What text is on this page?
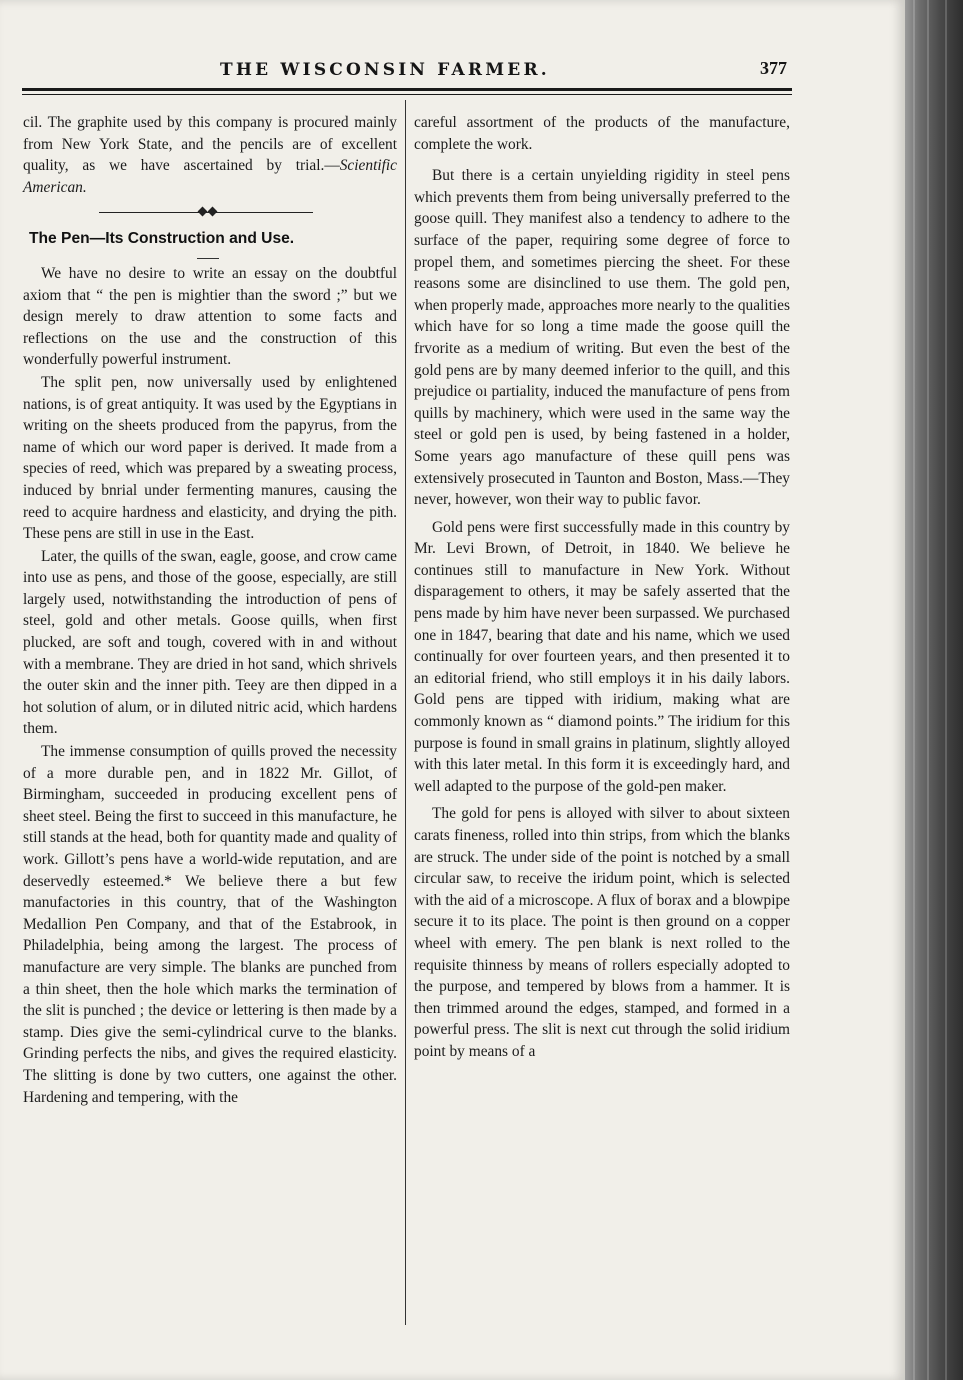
THE WISCONSIN FARMER.	377

cil. The graphite used by this company is procured mainly from New York State, and the pencils are of excellent quality, as we have ascertained by trial.—Scientific American.

The Pen—Its Construction and Use.

We have no desire to write an essay on the doubtful axiom that “ the pen is mightier than the sword ;” but we design merely to draw attention to some facts and reflections on the use and the construction of this wonderfully powerful instrument.

The split pen, now universally used by enlightened nations, is of great antiquity. It was used by the Egyptians in writing on the sheets produced from the papyrus, from the name of which our word paper is derived. It made from a species of reed, which was prepared by a sweating process, induced by bnrial under fermenting manures, causing the reed to acquire hardness and elasticity, and drying the pith. These pens are still in use in the East.

Later, the quills of the swan, eagle, goose, and crow came into use as pens, and those of the goose, especially, are still largely used, notwithstanding the introduction of pens of steel, gold and other metals. Goose quills, when first plucked, are soft and tough, covered with in and without with a membrane. They are dried in hot sand, which shrivels the outer skin and the inner pith. Teey are then dipped in a hot solution of alum, or in diluted nitric acid, which hardens them.

The immense consumption of quills proved the necessity of a more durable pen, and in 1822 Mr. Gillot, of Birmingham, succeeded in producing excellent pens of sheet steel. Being the first to succeed in this manufacture, he still stands at the head, both for quantity made and quality of work. Gillott’s pens have a world-wide reputation, and are deservedly esteemed.* We believe there a but few manufactories in this country, that of the Washington Medallion Pen Company, and that of the Estabrook, in Philadelphia, being among the largest. The process of manufacture are very simple. The blanks are punched from a thin sheet, then the hole which marks the termination of the slit is punched ; the device or lettering is then made by a stamp. Dies give the semi-cylindrical curve to the blanks. Grinding perfects the nibs, and gives the required elasticity. The slitting is done by two cutters, one against the other. Hardening and tempering, with the

careful assortment of the products of the manufacture, complete the work.

But there is a certain unyielding rigidity in steel pens which prevents them from being universally preferred to the goose quill. They manifest also a tendency to adhere to the surface of the paper, requiring some degree of force to propel them, and sometimes piercing the sheet. For these reasons some are disinclined to use them. The gold pen, when properly made, approaches more nearly to the qualities which have for so long a time made the goose quill the frvorite as a medium of writing. But even the best of the gold pens are by many deemed inferior to the quill, and this prejudice oı partiality, induced the manufacture of pens from quills by machinery, which were used in the same way the steel or gold pen is used, by being fastened in a holder, Some years ago manufacture of these quill pens was extensively prosecuted in Taunton and Boston, Mass.—They never, however, won their way to public favor.

Gold pens were first successfully made in this country by Mr. Levi Brown, of Detroit, in 1840. We believe he continues still to manufacture in New York. Without disparagement to others, it may be safely asserted that the pens made by him have never been surpassed. We purchased one in 1847, bearing that date and his name, which we used continually for over fourteen years, and then presented it to an editorial friend, who still employs it in his daily labors. Gold pens are tipped with iridium, making what are commonly known as “ diamond points.” The iridium for this purpose is found in small grains in platinum, slightly alloyed with this later metal. In this form it is exceedingly hard, and well adapted to the purpose of the gold-pen maker.

The gold for pens is alloyed with silver to about sixteen carats fineness, rolled into thin strips, from which the blanks are struck. The under side of the point is notched by a small circular saw, to receive the iridum point, which is selected with the aid of a microscope. A flux of borax and a blowpipe secure it to its place. The point is then ground on a copper wheel with emery. The pen blank is next rolled to the requisite thinness by means of rollers especially adopted to the purpose, and tempered by blows from a hammer. It is then trimmed around the edges, stamped, and formed in a powerful press. The slit is next cut through the solid iridium point by means of a
